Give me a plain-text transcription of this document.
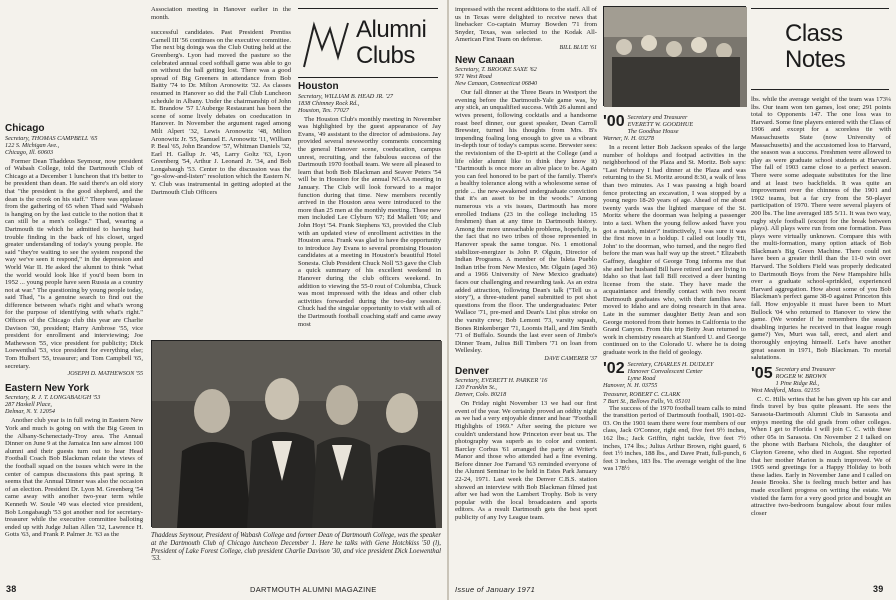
Alumni Clubs
Chicago
Secretary, THOMAS CAMPBELL '65
122 S. Michigan Ave.,
Chicago, Ill. 60603

Former Dean Thaddeus Seymour, now president of Wabash College, told the Dartmouth Club of Chicago at a December 1 luncheon that it's better to be president than dean. He said there's an old story that "the president is the good shepherd, and the dean is the crook on his staff." There was applause from the gathering of 65 when Thad said "Wabash is hanging on by the last cuticle to the notion that it can still be a men's college." Thad, wearing a Dartmouth tie which he admitted to having had trouble finding in the back of his closet, urged greater understanding of today's young people. He said "they're waiting to see the system respond the way we've seen it respond," in the depression and World War II. He asked the alumni to think "what the world would look like if you'd been born in 1952 ... young people have seen Russia as a country not at war." The questioning by young people today, said Thad, "is a genuine search to find out the difference between what's right and what's wrong for the purpose of identifying with what's right." Officers of the Chicago club this year are Charlie Davison '30, president; Harry Ambrose '55, vice president for enrollment and interviewing; Joe Mathewson '55, vice president for publicity; Dick Loewenthal '53, vice president for everything else; Tom Hulbert '55, treasurer; and Tom Campbell '65, secretary.

JOSEPH D. MATHEWSON '55
Eastern New York
Secretary, R. J. T. LONGABAUGH '53
287 Haskell Place,
Delmar, N. Y. 12054

Another club year is in full swing in Eastern New York and much is going on with the Big Green in the Albany-Schenectady-Troy area. The Annual Dinner on June 9 at the Jamaica Inn saw almost 100 alumni and their guests turn out to hear Head Football Coach Bob Blackman relate the views of the football squad on the issues which were in the center of campus discussions this past spring. It seems that the Annual Dinner was also the occasion of an election. President Dr. Lyon M. Greenberg '54 came away with another two-year term while Kenneth W. Soule '49 was elected vice president, Bob Longabaugh '53 got another nod for secretary-treasurer while the executive committee balloting ended up with Judge Julian Allen '32, Lawrence H. Gotts '63, and Frank P. Palmer Jr. '63 as the

Association meeting in Hanover earlier in the month.

successful candidates. Past President Prentiss Carnell III '56 continues on the executive committee. The next big doings was the Club Outing held at the Greenberg's. Lyon had moved the pasture so the celebrated annual coed softball game was able to go on without the ball getting lost. There was a good spread of Big Greeners in attendance from Bob Baitty '74 to Dr. Milton Aronowitz '32. As classes resumed in Hanover so did the Fall Club Luncheon schedule in Albany. Under the chairmanship of John E. Brandow '57 L'Auberge Restaurant has been the scene of some lively debates on coeducation in Hanover. In November the argument raged among Milt Alpert '32, Lewis Aronowitz '48, Milton Aronowitz Jr. '55, Samuel E. Aronowitz '11, William P. Beal '65, John Brandow '57, Whitman Daniels '32, Earl H. Gallup Jr. '45, Larry Goltz '63, Lyon Greenberg '54, Arthur J. Leonard Jr. '34, and Bob Longabaugh '53. Center to the discussion was the "go-slow-and-listen" resolution which the Eastern N. Y. Club was instrumental in getting adopted at the Dartmouth Club Officers

Houston
Secretary, WILLIAM B. HEAD JR. '27
1838 Chimney Rock Rd.,
Houston, Tex. 77027

The Houston Club's monthly meeting in November was highlighted by the guest appearance of Jay Evans, '49 assistant to the director of admissions. Jay provided several newsworthy comments concerning the general Hanover scene, coeducation, campus unrest, recruiting, and the fabulous success of the Dartmouth 1970 football team. We were all pleased to learn that both Bob Blackman and Seaver Peters '54 will be in Houston for the annual NCAA meeting in January. The Club will look forward to a major function during that time. New members recently arrived in the Houston area were introduced to the more than 25 men at the monthly meeting. These new men included Lee Clyburn '67; Ed Mallett '69; and John Hoyt '54. Frank Stephens '63, provided the Club with an updated view of enrollment activities in the Houston area. Frank was glad to have the opportunity to introduce Jay Evans to several promising Houston candidates at a meeting in Houston's beautiful Hotel Sonesta. Club President Chuck Noll '53 gave the Club a quick summary of his excellent weekend in Hanover during the club officers weekend. In addition to viewing the 55-0 rout of Columbia, Chuck was most impressed with the ideas and other club activities forwarded during the two-day session. Chuck had the singular opportunity to visit with all of the Dartmouth football coaching staff and came away most

Thaddeus Seymour, President of Wabash College and former Dean of Dartmouth College, was the speaker at the Dartmouth Club of Chicago luncheon December 1. Here he talks with Gene Hotchkiss '50 (l), President of Lake Forest College, club president Charlie Davison '30, and vice president Dick Loewenthal '53.
38	DARTMOUTH ALUMNI MAGAZINE

impressed with the recent additions to the staff. All of us in Texas were delighted to receive news that linebacker Co-captain Murray Bowden '71 from Snyder, Texas, was selected to the Kodak All-American First Team on defense.

BILL BLUE '61
New Canaan
Secretary, T. BROOKE SAXE '62
971 West Road
New Canaan, Connecticut 06840

Our fall dinner at the Three Bears in Westport the evening before the Dartmouth-Yale game was, by any stick, an unqualified success. With 26 alumni and wives present, following cocktails and a handsome roast beef dinner, our guest speaker, Dean Carroll Brewster, turned his thoughts from Mrs. B's impending foaling long enough to give us a vibrant in-depth tour of today's campus scene. Brewster sees: the revisionism of the D-spirit at the College (and a life older alumni like to think they know it) "Dartmouth is once more an alive place to be. Again you can feel honored to be part of the family. There's a healthy tolerance along with a wholesome sense of pride ... the new-awakened undergraduate conviction that it's an asset to be in the woods." Among numerous vis a vis issues, Dartmouth has more enrolled Indians (23 in the college including 15 freshmen) than at any time in Dartmouth history. Among the more unreachable problems, hopefully, is the fact that no two tribes of those represented in Hanover speak the same tongue. No. 1 emotional stabilizer-energizer is John P. Olguin, Director of Indian Programs. A member of the Isleta Pueblo Indian tribe from New Mexico, Mr. Olguin (aged 36) and a 1966 University of New Mexico graduate) faces our challenging and rewarding task. As an extra added attraction, following Dean's talk ("Tell us a story"), a three-student panel submitted to pot shot questions from the floor. The undergraduates: Peter Wallace '71, pre-med and Dean's List plus stroke on the varsity crew; Bob Lemont '73, varsity squash, Bones Rinkenberger '71, Loomis Hall, and Jim Smith '71 of Buffalo. Sounds the last ever seen of Jimbo's Dinner Team, Julius Bill Timbers '71 on loan from Wellesley.

DAVE CAMERER '37
Denver
Secretary, EVERETT H. PARKER '16
120 Franklin St.,
Denver, Colo. 80218

On Friday night November 13 we had our first event of the year. We certainly proved an oddity night as we had a very enjoyable dinner and hear "Football Highlights of 1969." After seeing the picture we couldn't understand how Princeton ever beat us. The photography was superb as to color and content. Barclay Corbus '61 arranged the party at Writer's Manor and those who attended had a fine evening. Before dinner Joe Farrand '63 reminded everyone of the Alumni Seminar to be held in Estes Park January 22-24, 1971. Last week the Denver C.B.S. station showed an interview with Bob Blackman filmed just after we had won the Lambert Trophy. Bob is very popular with the local broadcasters and sports editors. As a result Dartmouth gets the best sport publicity of any Ivy League team.

'00 Secretary and Treasurer
EVERETT W. GOODHUE
The Goodhue House
Warner, N. H. 03278

In a recent letter Bob Jackson speaks of the large number of holdups and footpad activities in the neighborhood of the Plaza and St. Moritz. Bob says: "Last February I had dinner at the Plaza and was returning to the St. Moritz around 8:30, a walk of less than two minutes. As I was passing a high board fence protecting an excavation, I was stopped by a young negro 18-20 years of age. Ahead of me about twenty yards was the lighted marquee of the St. Moritz where the doorman was helping a passenger into a taxi. When the young fellow asked 'have you got a match, mister?' instinctively, I was sure it was the first move in a holdup. I called out loudly 'Hi, John' to the doorman, who turned, and the negro fled before the man was half way up the street." Elizabeth Gaffney, daughter of George Tong informs me that she and her husband Bill have retired and are living in Idaho so that last fall Bill received a deer hunting license from the state. They have made the acquaintance and friendly contact with two recent Dartmouth graduates who, with their families have moved to Idaho and are doing research in that area. Late in the summer daughter Betty Jean and son George motored from their homes in California to the Grand Canyon. From this trip Betty Jean returned to work in chemistry research at Stanford U. and George continued on to the Colorado U. where he is doing graduate work in the field of geology.

'02 Secretary, CHARLES H. DUDLEY
Hanover Convalescent Center
Lyme Road
Hanover, N. H. 03755
Treasurer, ROBERT C. CLARK
7 Burt St., Bellows Falls, Vt. 05101

The success of the 1970 football team calls to mind the transition period of Dartmouth football, 1901-02-03. On the 1901 team there were four members of our class, Jack O'Connor, right end, five feet 9½ inches, 162 lbs.; Jack Griffin, right tackle, five feet 7½ inches, 174 lbs.; Julius Arthur Brown, right guard, 6 feet 1½ inches, 188 lbs., and Dave Pratt, full-punch, 6 feet 3 inches, 183 lbs. The average weight of the line was 178½

Class Notes

lbs. while the average weight of the team was 173¼ lbs. Our team won ten games, lost one; 291 points total to Opponents 147. The one loss was to Harvard. Some fine players entered with the Class of 1906 and except for a scoreless tie with Massachusetts State (now University of Massachusetts) and the accustomed loss to Harvard, the season was a success. Freshmen were allowed to play as were graduate school students at Harvard. The fall of 1903 came close to a perfect season. There were some adequate substitutes for the line and at least two backfields. It was quite an improvement over the chinness of the 1901 and 1902 teams, but a far cry from the 50-player participation of 1970. There were several players of 200 lbs. The line averaged 185 5/11. It was two way, rugby style football (except for the break between plays). All plays were run from one formation. Pass plays were virtually unknown. Compare this with the multi-formation, many option attack of Bob Blackman's Big Green Machine. There could not have been a greater thrill than the 11-0 win over Harvard. The Soldiers Field was properly dedicated to Dartmouth Boys from the New Hampshire hills over a graduate school-sprinkled, experienced Harvard aggregation. How about some of you Bob Blackman's perfect game 38-0 against Princeton this fall. How enjoyable it must have been to Murt Bullock '04 who returned to Hanover to view the game. (We wonder if he remembers the season disabling injuries he received in that league rough game?) Yes, Murt was tall, erect, and alert and thoroughly enjoying himself. Let's have another great season in 1971, Bob Blackman. To mortal salutations.

'05 Secretary and Treasurer
ROGER W. BROWN
1 Pine Ridge Rd.,
West Medford, Mass. 02155

C. C. Hills writes that he has given up his car and finds travel by bus quite pleasant. He sees the Sarasota-Dartmouth Alumni Club in Sarasota and enjoys meeting the old grads from other colleges. When I get to Florida I will join C. C. with these other 05s in Sarasota. On November 2 I talked on the phone with Barbara Nichols, the daughter of Clayton Greene, who died in August. She reported that her mother Marion is much improved. We of 1905 send greetings for a Happy Holiday to both these ladies. Early in November Jane and I called on Jessie Brooks. She is feeling much better and has made excellent progress on writing the estate. We visited the farm for a very good price and bought an attractive two-bedroom bungalow about four miles closer

Issue of January 1971	39
